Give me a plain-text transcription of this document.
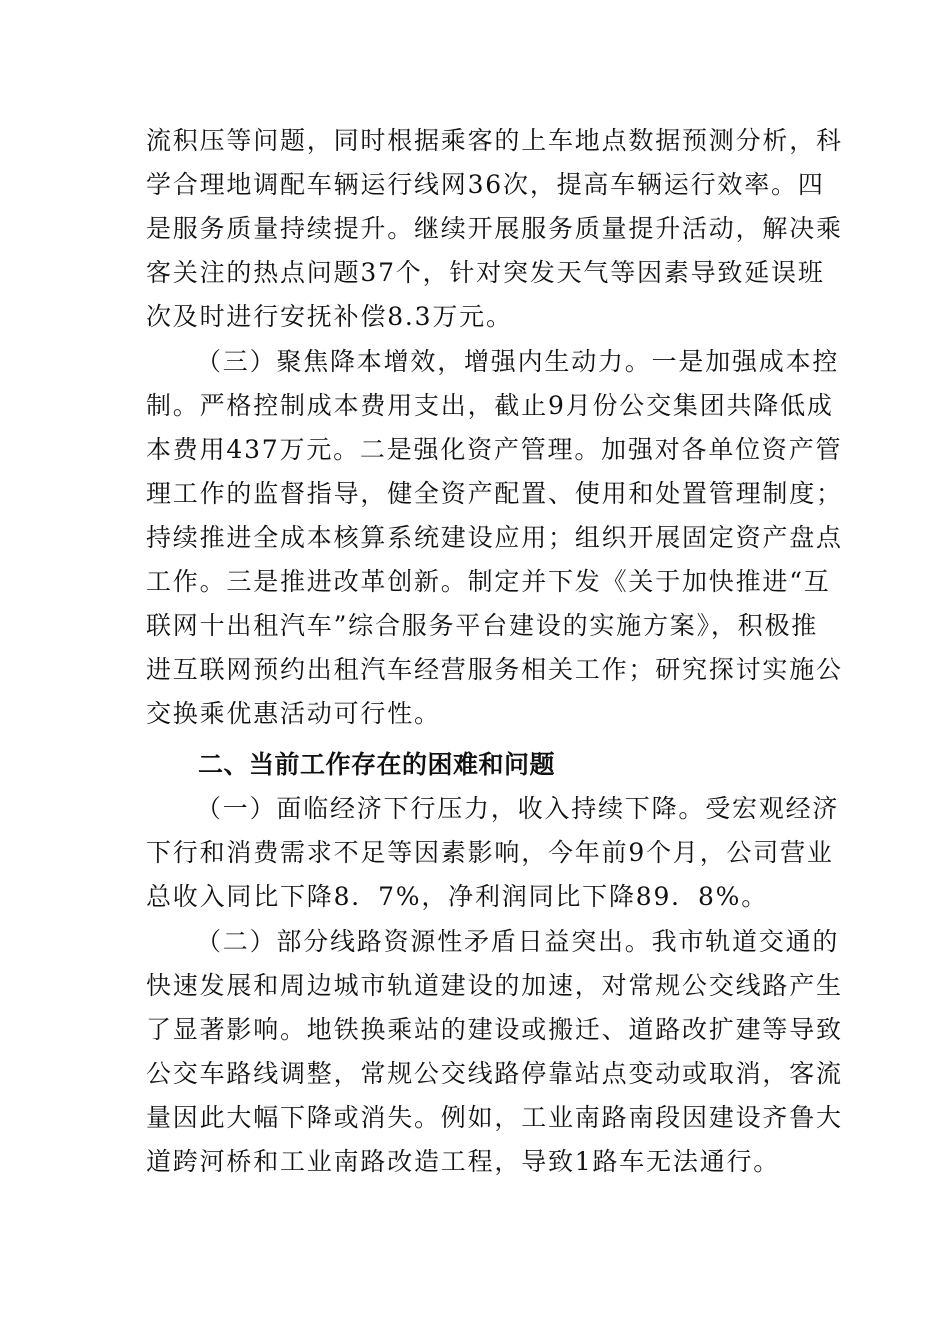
流积压等问题，同时根据乘客的上车地点数据预测分析，科
学合理地调配车辆运行线网36次，提高车辆运行效率。四
是服务质量持续提升。继续开展服务质量提升活动，解决乘
客关注的热点问题37个，针对突发天气等因素导致延误班
次及时进行安抚补偿8.3万元。
（三）聚焦降本增效，增强内生动力。一是加强成本控
制。严格控制成本费用支出，截止9月份公交集团共降低成
本费用437万元。二是强化资产管理。加强对各单位资产管
理工作的监督指导，健全资产配置、使用和处置管理制度；
持续推进全成本核算系统建设应用；组织开展固定资产盘点
工作。三是推进改革创新。制定并下发《关于加快推进“互
联网十出租汽车”综合服务平台建设的实施方案》，积极推
进互联网预约出租汽车经营服务相关工作；研究探讨实施公
交换乘优惠活动可行性。
二、当前工作存在的困难和问题
（一）面临经济下行压力，收入持续下降。受宏观经济
下行和消费需求不足等因素影响，今年前9个月，公司营业
总收入同比下降8．7%，净利润同比下降89．8%。
（二）部分线路资源性矛盾日益突出。我市轨道交通的
快速发展和周边城市轨道建设的加速，对常规公交线路产生
了显著影响。地铁换乘站的建设或搬迁、道路改扩建等导致
公交车路线调整，常规公交线路停靠站点变动或取消，客流
量因此大幅下降或消失。例如，工业南路南段因建设齐鲁大
道跨河桥和工业南路改造工程，导致1路车无法通行。
